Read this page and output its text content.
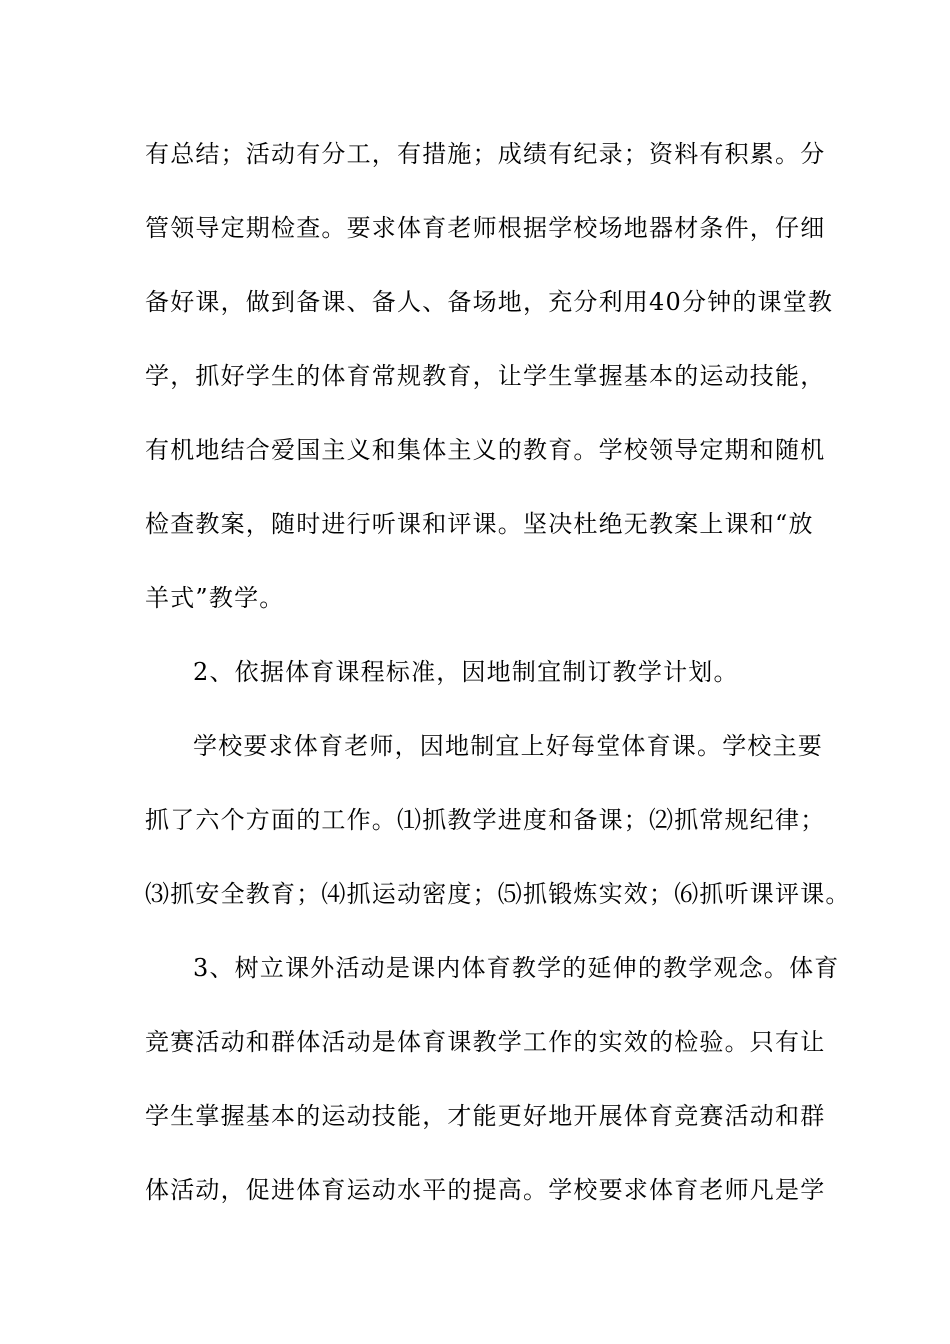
有总结；活动有分工，有措施；成绩有纪录；资料有积累。分
管领导定期检查。要求体育老师根据学校场地器材条件，仔细
备好课，做到备课、备人、备场地，充分利用40分钟的课堂教
学，抓好学生的体育常规教育，让学生掌握基本的运动技能，
有机地结合爱国主义和集体主义的教育。学校领导定期和随机
检查教案，随时进行听课和评课。坚决杜绝无教案上课和“放
羊式”教学。
2、依据体育课程标准，因地制宜制订教学计划。
学校要求体育老师，因地制宜上好每堂体育课。学校主要
抓了六个方面的工作。⑴抓教学进度和备课；⑵抓常规纪律；
⑶抓安全教育；⑷抓运动密度；⑸抓锻炼实效；⑹抓听课评课。
3、树立课外活动是课内体育教学的延伸的教学观念。体育
竞赛活动和群体活动是体育课教学工作的实效的检验。只有让
学生掌握基本的运动技能，才能更好地开展体育竞赛活动和群
体活动，促进体育运动水平的提高。学校要求体育老师凡是学
